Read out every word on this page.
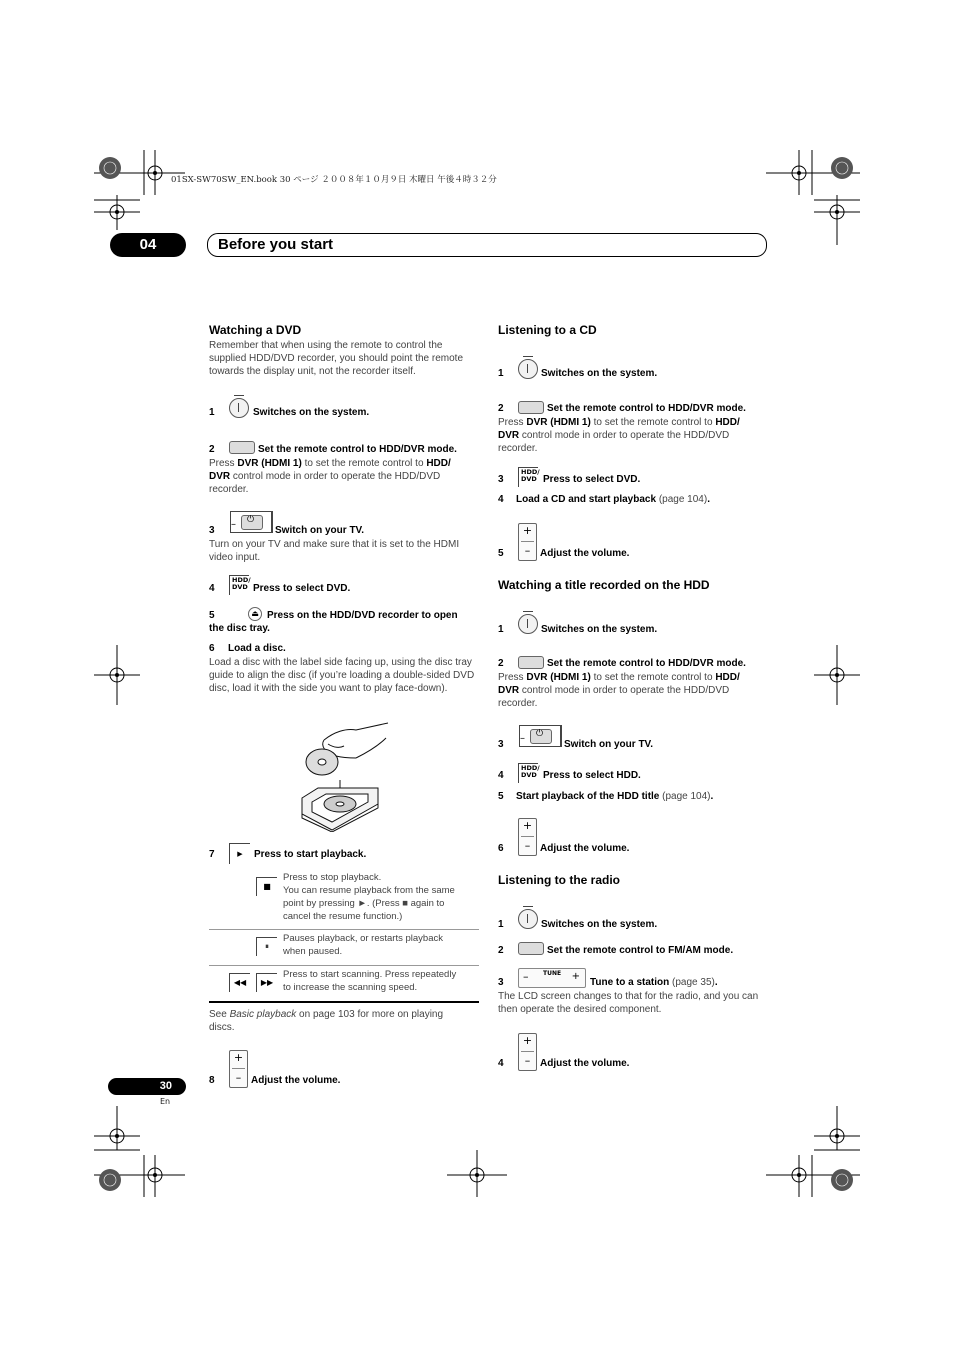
01SX-SW70SW_EN.book 30 ページ ２００８年１０月９日 木曜日 午後４時３２分
04	Before you start
Watching a DVD
Remember that when using the remote to control the supplied HDD/DVD recorder, you should point the remote towards the display unit, not the recorder itself.
1	Switches on the system.
2	Set the remote control to HDD/DVR mode.
Press DVR (HDMI 1) to set the remote control to HDD/
DVR control mode in order to operate the HDD/DVD
recorder.
–
⏻
3	Switch on your TV.
Turn on your TV and make sure that it is set to the HDMI video input.
HDD/
DVD
4	Press to select DVD.
⏏
5	Press on the HDD/DVD recorder to open
the disc tray.
6 Load a disc.
Load a disc with the label side facing up, using the disc tray guide to align the disc (if you’re loading a double-sided DVD disc, load it with the side you want to play face-down).
▶
7	Press to start playback.
■
Press to stop playback.
You can resume playback from the same
point by pressing ►. (Press ■ again to
cancel the resume function.)
⏸
Pauses playback, or restarts playback
when paused.
◀◀	▶▶
Press to start scanning. Press repeatedly
to increase the scanning speed.
See Basic playback on page 103 for more on playing
discs.
+
–
8	Adjust the volume.
Listening to a CD
1	Switches on the system.
2	Set the remote control to HDD/DVR mode.
Press DVR (HDMI 1) to set the remote control to HDD/
DVR control mode in order to operate the HDD/DVD
recorder.
HDD/
DVD
3	Press to select DVD.
4 Load a CD and start playback (page 104).
+
–
5	Adjust the volume.
Watching a title recorded on the HDD
1	Switches on the system.
2	Set the remote control to HDD/DVR mode.
Press DVR (HDMI 1) to set the remote control to HDD/
DVR control mode in order to operate the HDD/DVD
recorder.
–
⏻
3	Switch on your TV.
HDD/
DVD
4	Press to select HDD.
5 Start playback of the HDD title (page 104).
+
–
6	Adjust the volume.
Listening to the radio
1	Switches on the system.
2	Set the remote control to FM/AM mode.
– TUNE +
3	Tune to a station (page 35).
The LCD screen changes to that for the radio, and you can then operate the desired component.
+
–
4	Adjust the volume.
30
En
